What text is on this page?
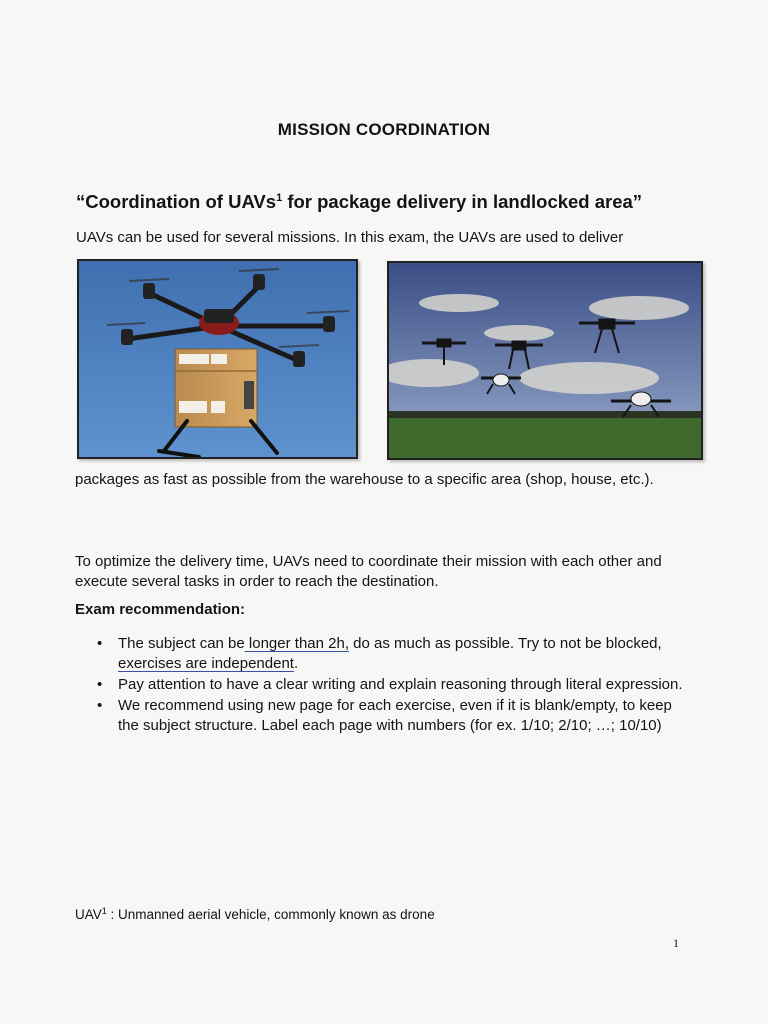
MISSION COORDINATION
“Coordination of UAVs$^1$ for package delivery in landlocked area”
UAVs can be used for several missions. In this exam, the UAVs are used to deliver
packages as fast as possible from the warehouse to a specific area (shop, house, etc.).
To optimize the delivery time, UAVs need to coordinate their mission with each other and execute several tasks in order to reach the destination.
Exam recommendation:
• The subject can be longer than 2h, do as much as possible. Try to not be blocked, exercises are independent.
• Pay attention to have a clear writing and explain reasoning through literal expression.
• We recommend using new page for each exercise, even if it is blank/empty, to keep the subject structure. Label each page with numbers (for ex. 1/10; 2/10; …; 10/10)
UAV$^1$ : Unmanned aerial vehicle, commonly known as drone
1
